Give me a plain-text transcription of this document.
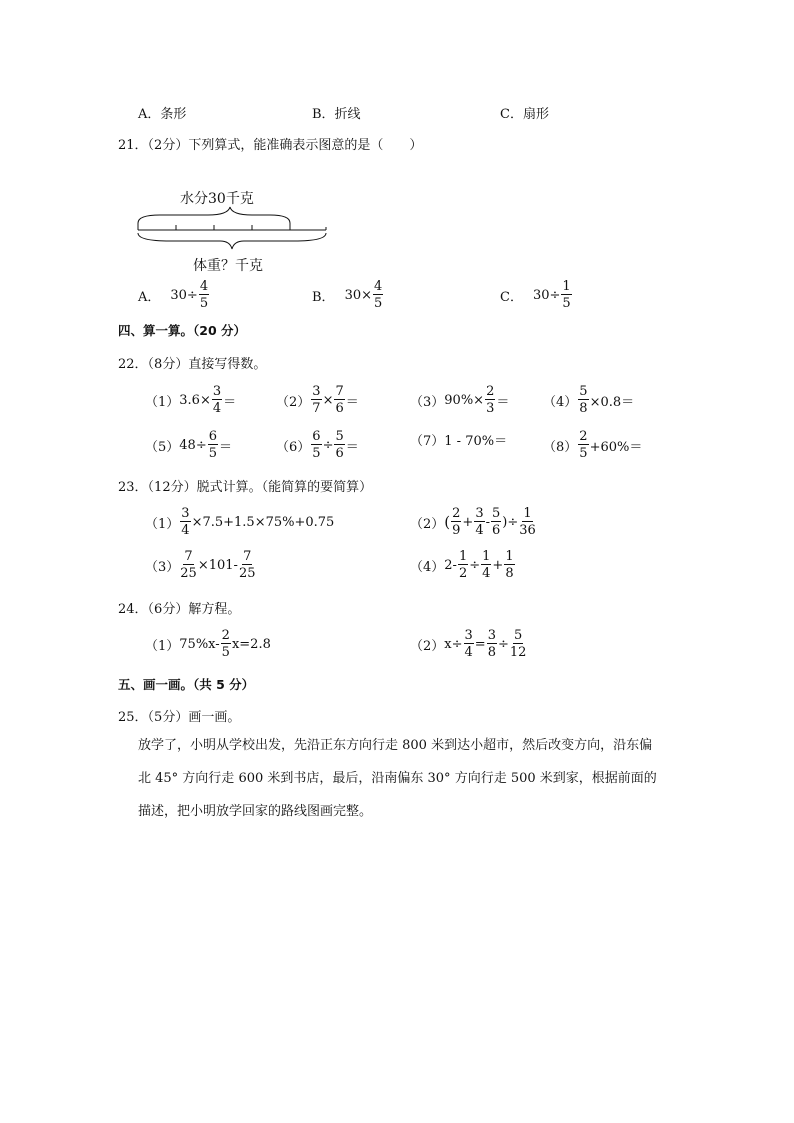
A．条形	B．折线	C．扇形
21．（2分）下列算式，能准确表示图意的是（　　）
水分30千克
体重？千克
A． $30\div \frac{4}{5}$	B． $30\times \frac{4}{5}$	C． $30\div \frac{1}{5}$
四、算一算。（20 分）
22．（8分）直接写得数。
（1） $3.6\times \frac{3}{4}$ ＝	$(2) \frac{3}{7} \times \frac{7}{6}$ ＝	（3） $90\%\times \frac{2}{3}$ ＝	$(4) \frac{5}{8} \times 0.8=$
（5） $48\div \frac{6}{5}$ ＝	$(6) \frac{6}{5} \div \frac{5}{6}$ ＝	（7） 1 - 70%＝	$(8) \frac{2}{5} +60\%=$
23．（12分）脱式计算。（能简算的要简算）
$(1) \frac{3}{4} \times 7.5+1.5\times 75\%+0.75$	（2） ( $\frac{2}{9} + \frac{3}{4} - \frac{5}{6}$ )÷ $\frac{1}{36}$
$(3) \frac{7}{25} \times 101- \frac{7}{25}$	（4） $2- \frac{1}{2} \div \frac{1}{4} + \frac{1}{8}$
24．（6分）解方程。
（1） $75\%x- \frac{2}{5} x=2.8$	（2） $x\div \frac{3}{4} = \frac{3}{8} \div \frac{5}{12}$
五、画一画。（共 5 分）
25．（5分）画一画。
放学了，小明从学校出发，先沿正东方向行走 800 米到达小超市，然后改变方向，沿东偏北 45° 方向行走 600 米到书店，最后，沿南偏东 30° 方向行走 500 米到家，根据前面的描述，把小明放学回家的路线图画完整。
